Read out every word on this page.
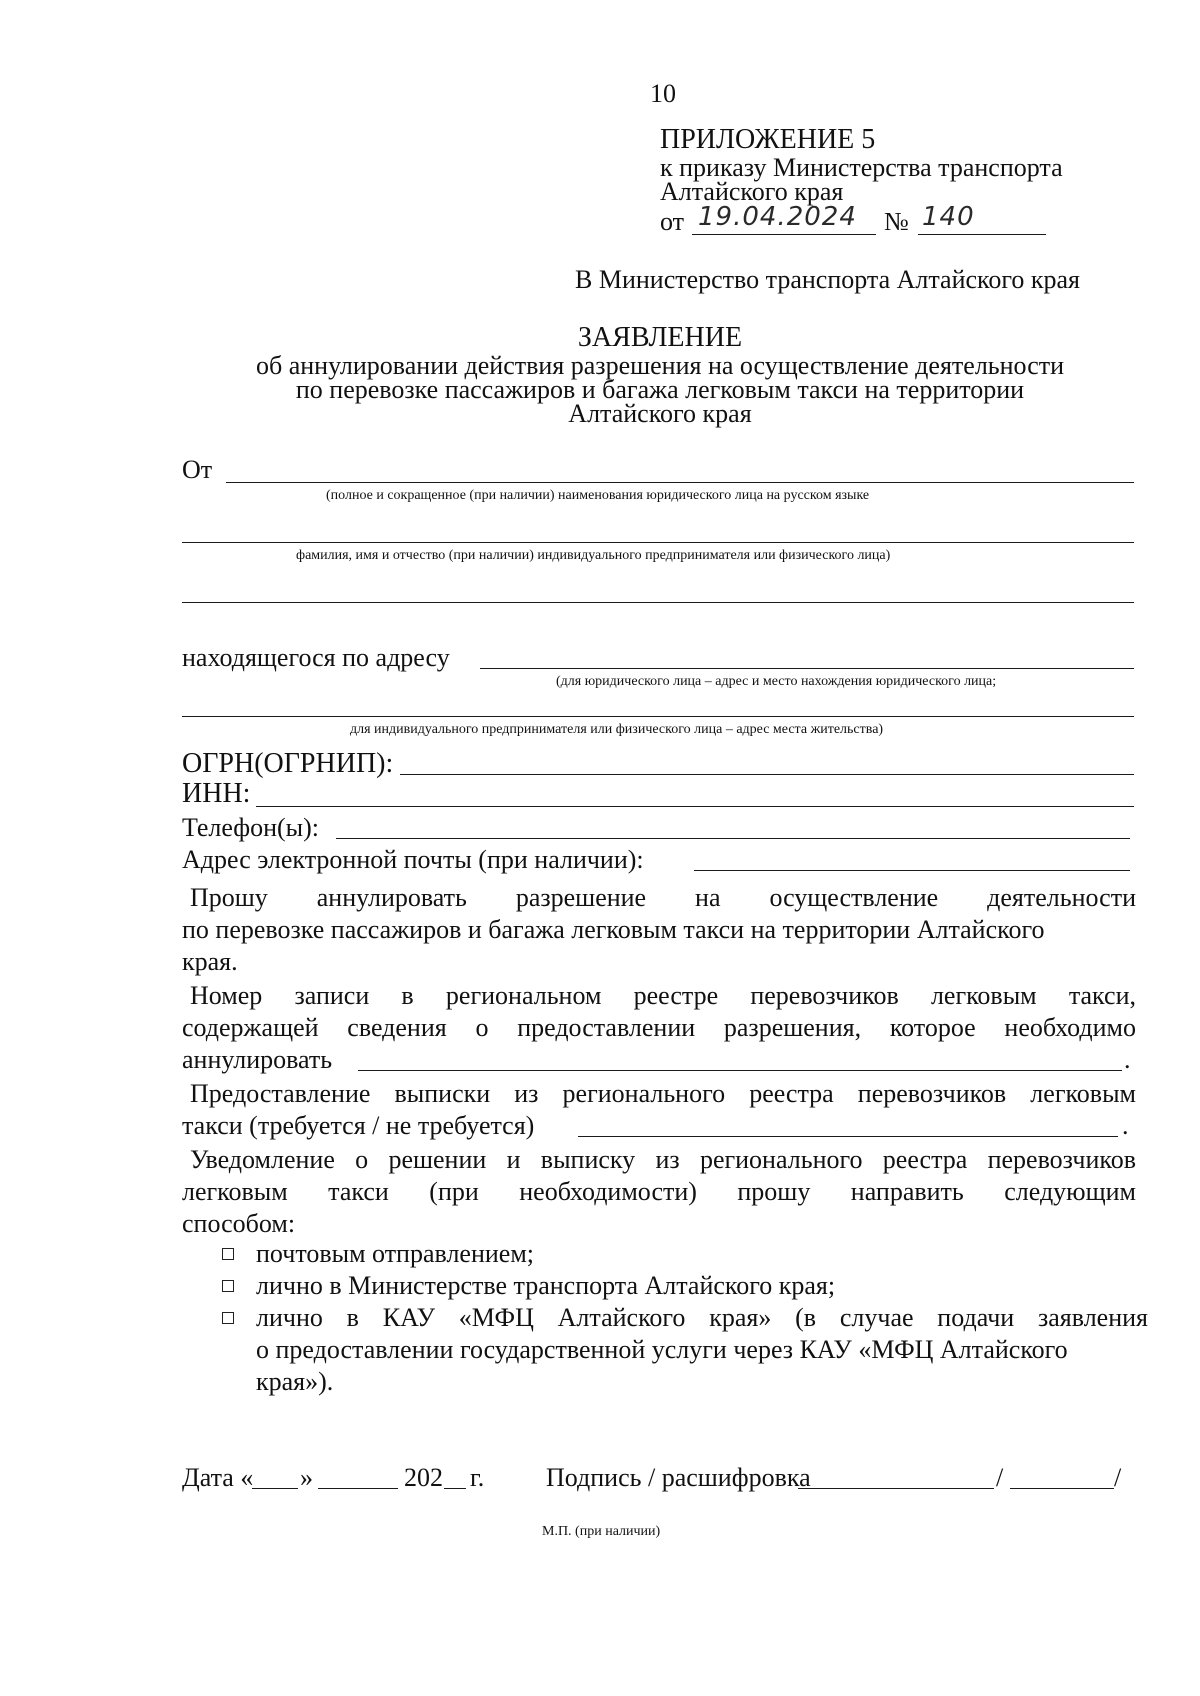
10
ПРИЛОЖЕНИЕ 5
к приказу Министерства транспорта
Алтайского края
от 19.04.2024 № 140
В Министерство транспорта Алтайского края
ЗАЯВЛЕНИЕ
об аннулировании действия разрешения на осуществление деятельности
по перевозке пассажиров и багажа легковым такси на территории
Алтайского края
От
(полное и сокращенное (при наличии) наименования юридического лица на русском языке
фамилия, имя и отчество (при наличии) индивидуального предпринимателя или физического лица)
находящегося по адресу
(для юридического лица – адрес и место нахождения юридического лица;
для индивидуального предпринимателя или физического лица – адрес места жительства)
ОГРН(ОГРНИП):
ИНН:
Телефон(ы):
Адрес электронной почты (при наличии):
Прошу аннулировать разрешение на осуществление деятельности
по перевозке пассажиров и багажа легковым такси на территории Алтайского
края.
Номер записи в региональном реестре перевозчиков легковым такси,
содержащей сведения о предоставлении разрешения, которое необходимо
аннулировать	.
Предоставление выписки из регионального реестра перевозчиков легковым
такси (требуется / не требуется)	.
Уведомление о решении и выписку из регионального реестра перевозчиков
легковым такси (при необходимости) прошу направить следующим
способом:
почтовым отправлением;
лично в Министерстве транспорта Алтайского края;
лично в КАУ «МФЦ Алтайского края» (в случае подачи заявления
о предоставлении государственной услуги через КАУ «МФЦ Алтайского
края»).
Дата « »	202 г. Подпись / расшифровка	/	/
М.П. (при наличии)
